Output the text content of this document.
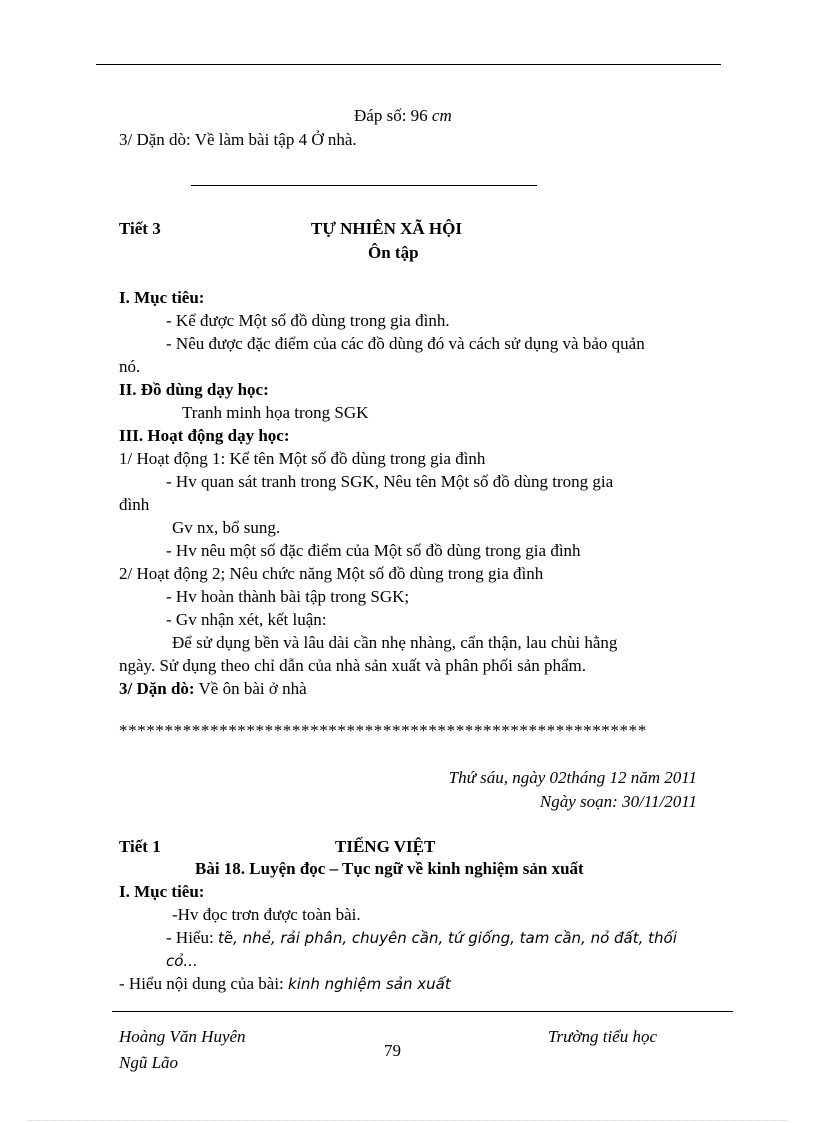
Đáp số: 96 cm
3/ Dặn dò: Về làm bài tập 4 Ở nhà.
Tiết 3	TỰ NHIÊN XÃ HỘI
Ôn tập
I. Mục tiêu:
- Kể được Một số đồ dùng trong gia đình.
- Nêu được đặc điểm của các đồ dùng đó và cách sử dụng và bảo quản
nó.
II. Đồ dùng dạy học:
Tranh minh họa trong SGK
III. Hoạt động dạy học:
1/ Hoạt động 1: Kể tên Một số đồ dùng trong gia đình
- Hv quan sát tranh trong SGK, Nêu tên Một số đồ dùng trong gia
đình
Gv nx, bổ sung.
- Hv nêu một số đặc điểm của Một số đồ dùng trong gia đình
2/ Hoạt động 2; Nêu chức năng Một số đồ dùng trong gia đình
- Hv hoàn thành bài tập trong SGK;
- Gv nhận xét, kết luận:
Để sử dụng bền và lâu dài cần nhẹ nhàng, cẩn thận, lau chùi hằng
ngày. Sử dụng theo chỉ dẫn của nhà sản xuất và phân phối sản phẩm.
3/ Dặn dò: Về ôn bài ở nhà
**********************************************************
Thứ sáu, ngày 02tháng 12 năm 2011
Ngày soạn: 30/11/2011
Tiết 1	TIẾNG VIỆT
Bài 18. Luyện đọc – Tục ngữ về kinh nghiệm sản xuất
I. Mục tiêu:
-Hv đọc trơn được toàn bài.
- Hiểu: tẽ, nhẻ, rải phân, chuyên cần, tứ giống, tam cần, nỏ đất, thối
cỏ...
- Hiểu nội dung của bài: kinh nghiệm sản xuất
Hoàng Văn Huyên
Ngũ Lão
79
Trường tiểu học
